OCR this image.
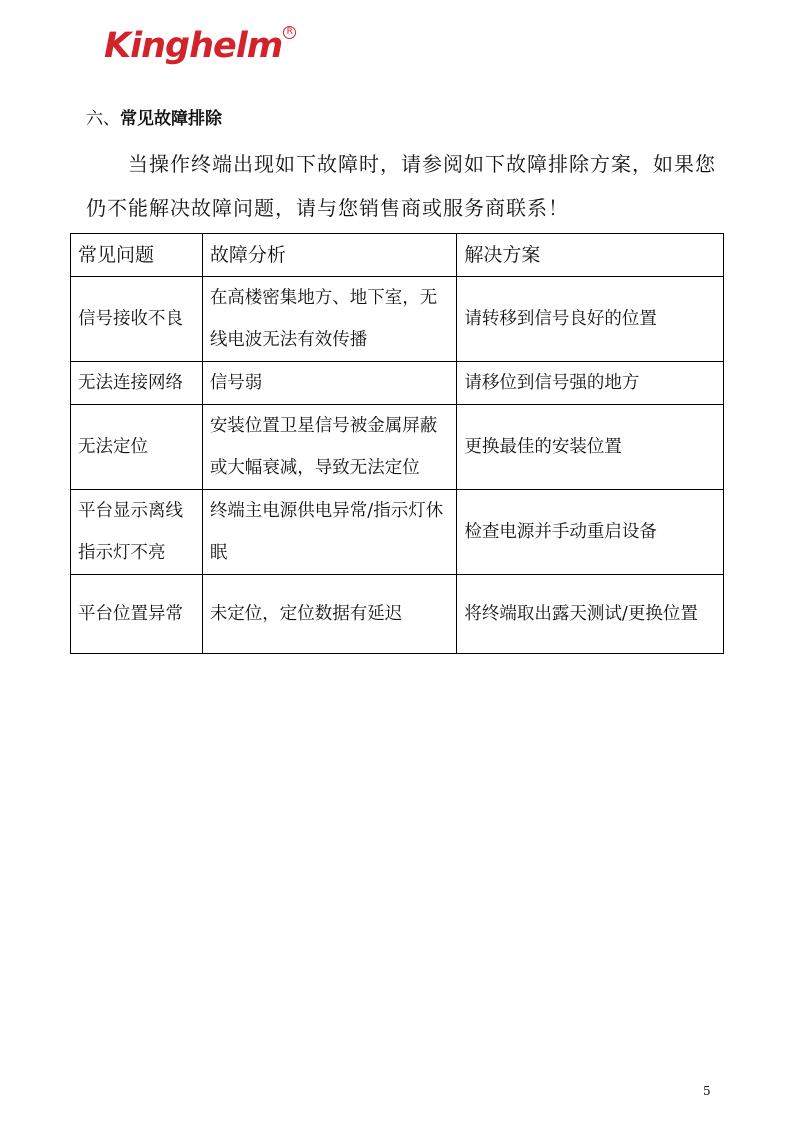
Kinghelm R
六、常见故障排除

当操作终端出现如下故障时，请参阅如下故障排除方案，如果您仍不能解决故障问题，请与您销售商或服务商联系！

常见问题	故障分析	解决方案
信号接收不良	在高楼密集地方、地下室，无线电波无法有效传播	请转移到信号良好的位置
无法连接网络	信号弱	请移位到信号强的地方
无法定位	安装位置卫星信号被金属屏蔽或大幅衰减，导致无法定位	更换最佳的安装位置
平台显示离线指示灯不亮	终端主电源供电异常/指示灯休眠	检查电源并手动重启设备
平台位置异常	未定位，定位数据有延迟	将终端取出露天测试/更换位置
5
